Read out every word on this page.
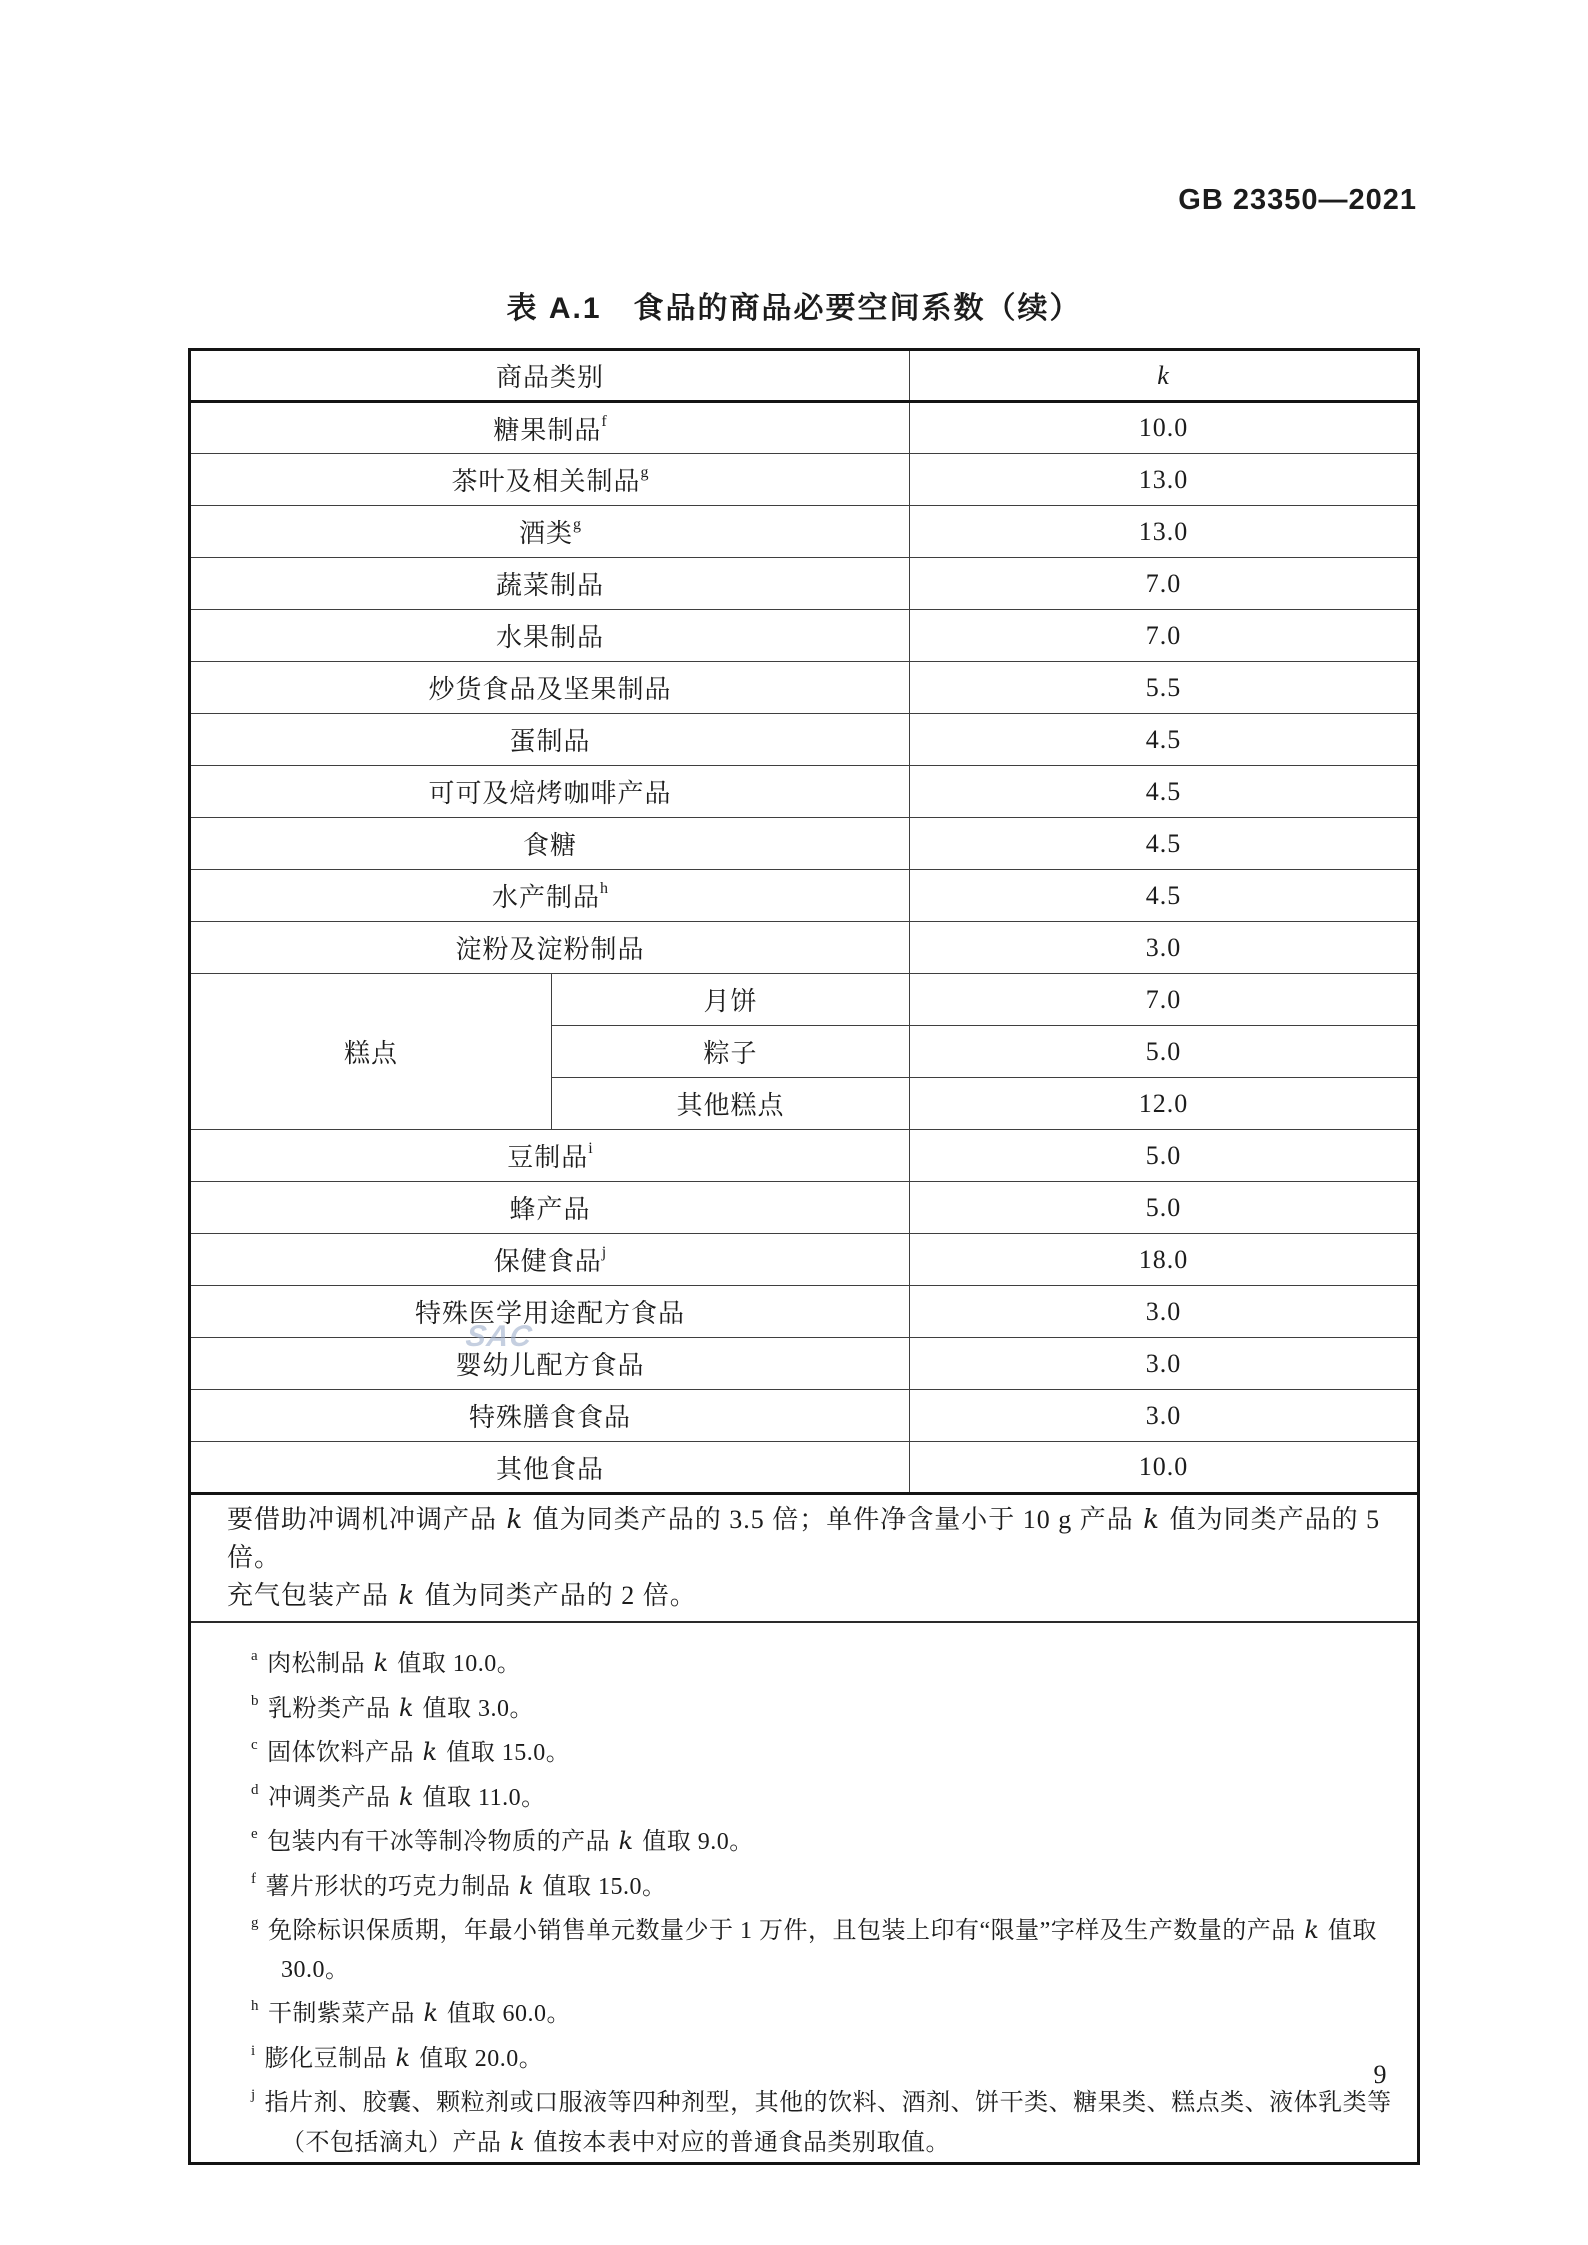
GB 23350—2021
表 A.1　食品的商品必要空间系数（续）
商品类别		k
糖果制品$^f$		10.0
茶叶及相关制品$^g$		13.0
酒类$^g$		13.0
蔬菜制品		7.0
水果制品		7.0
炒货食品及坚果制品		5.5
蛋制品		4.5
可可及焙烤咖啡产品		4.5
食糖		4.5
水产制品$^h$		4.5
淀粉及淀粉制品		3.0
糕点	月饼	7.0
	粽子	5.0
	其他糕点	12.0
豆制品$^i$		5.0
蜂产品		5.0
保健食品$^j$		18.0
特殊医学用途配方食品		3.0
婴幼儿配方食品		3.0
特殊膳食食品		3.0
其他食品		10.0

要借助冲调机冲调产品 k 值为同类产品的 3.5 倍；单件净含量小于 10 g 产品 k 值为同类产品的 5 倍。
充气包装产品 k 值为同类产品的 2 倍。		

$^a$ 肉松制品 k 值取 10.0。
$^b$ 乳粉类产品 k 值取 3.0。
$^c$ 固体饮料产品 k 值取 15.0。
$^d$ 冲调类产品 k 值取 11.0。
$^e$ 包装内有干冰等制冷物质的产品 k 值取 9.0。
$^f$ 薯片形状的巧克力制品 k 值取 15.0。
$^g$ 免除标识保质期，年最小销售单元数量少于 1 万件，且包装上印有“限量”字样及生产数量的产品 k 值取 30.0。
$^h$ 干制紫菜产品 k 值取 60.0。
$^i$ 膨化豆制品 k 值取 20.0。
$^j$ 指片剂、胶囊、颗粒剂或口服液等四种剂型，其他的饮料、酒剂、饼干类、糖果类、糕点类、液体乳类等（不包括滴丸）产品 k 值按本表中对应的普通食品类别取值。
SAC
9
